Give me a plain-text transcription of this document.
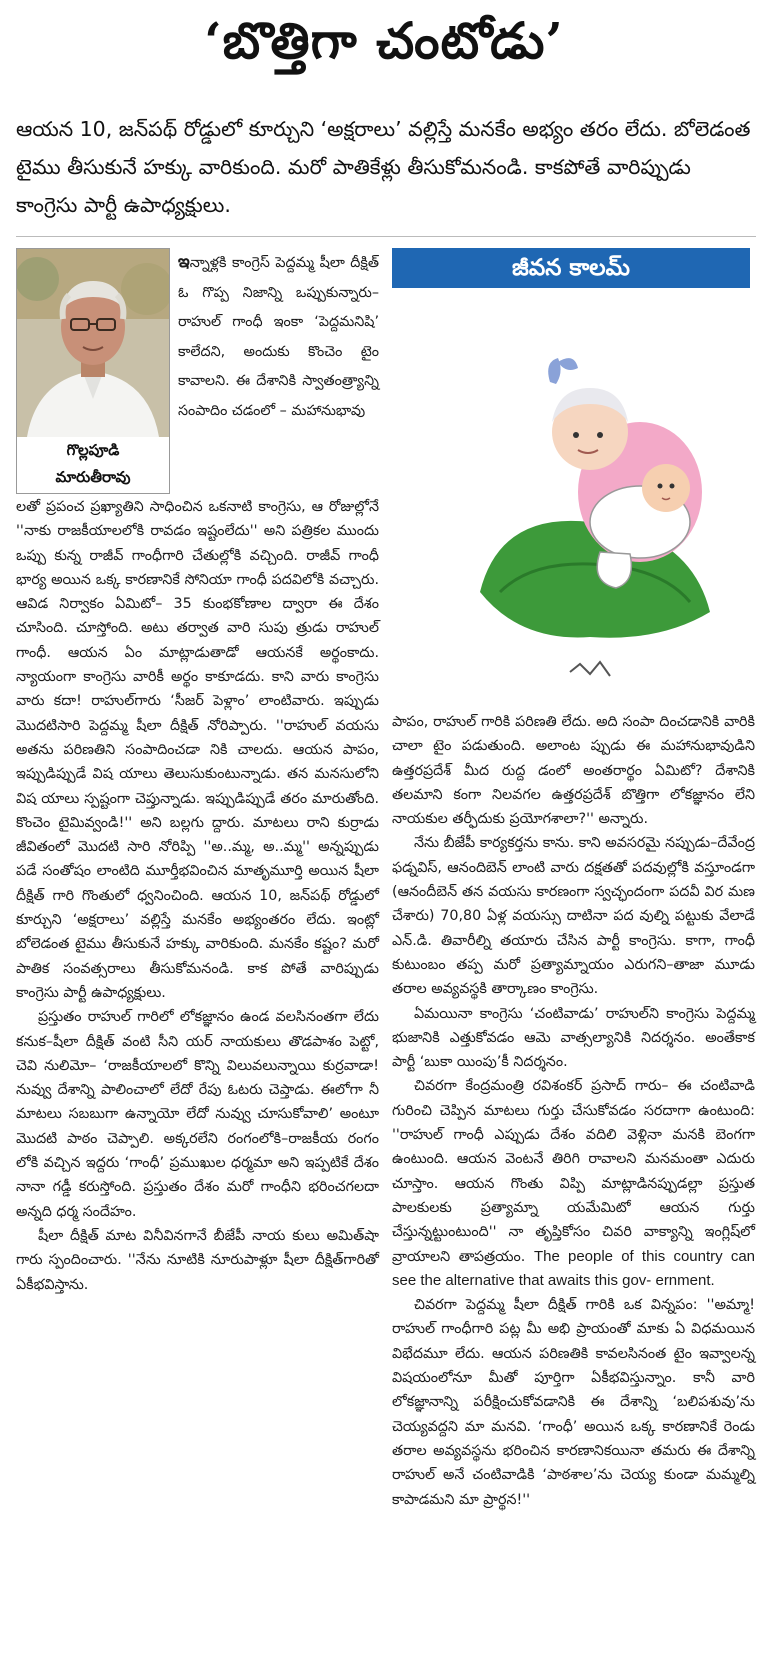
‘బొత్తిగా చంటోడు’
ఆయన 10, జన్‌పథ్ రోడ్డులో కూర్చుని ‘అక్షరాలు’ వల్లిస్తే మనకేం అభ్యం తరం లేదు. బోలెడంత టైము తీసుకునే హక్కు వారికుంది. మరో పాతికేళ్లు తీసుకోమనండి. కాకపోతే వారిప్పుడు కాంగ్రెసు పార్టీ ఉపాధ్యక్షులు.
గొల్లపూడి
మారుతీరావు
ఇన్నాళ్లకి కాంగ్రెస్ పెద్దమ్మ షీలా దీక్షిత్ ఓ గొప్ప నిజాన్ని ఒప్పుకున్నారు– రాహుల్ గాంధీ ఇంకా ‘పెద్దమనిషి’ కాలేదని, అందుకు కొంచెం టైం కావాలని. ఈ దేశానికి స్వాతంత్ర్యాన్ని సంపాదిం చడంలో – మహానుభావు

లతో ప్రపంచ ప్రఖ్యాతిని సాధించిన ఒకనాటి కాంగ్రెసు, ఆ రోజుల్లోనే ''నాకు రాజకీయాలలోకి రావడం ఇష్టంలేదు'' అని పత్రికల ముందు ఒప్పు కున్న రాజీవ్ గాంధీగారి చేతుల్లోకి వచ్చింది. రాజీవ్ గాంధీ భార్య అయిన ఒక్క కారణానికే సోనియా గాంధీ పదవిలోకి వచ్చారు. ఆవిడ నిర్వాకం ఏమిటో– 35 కుంభకోణాల ద్వారా ఈ దేశం చూసింది. చూస్తోంది. అటు తర్వాత వారి సుపు త్రుడు రాహుల్ గాంధీ. ఆయన ఏం మాట్లాడుతాడో ఆయనకే అర్థంకాదు. న్యాయంగా కాంగ్రెసు వారికీ అర్థం కాకూడదు. కాని వారు కాంగ్రెసు వారు కదా! రాహుల్‌గారు ‘సీజర్ పెళ్లాం’ లాంటివారు. ఇప్పుడు మొదటిసారి పెద్దమ్మ షీలా దీక్షిత్ నోరిప్పారు. ''రాహుల్ వయసు అతను పరిణతిని సంపాదించడా నికి చాలదు. ఆయన పాపం, ఇప్పుడిప్పుడే విష యాలు తెలుసుకుంటున్నాడు. తన మనసులోని విష యాలు స్పష్టంగా చెప్తున్నాడు. ఇప్పుడిప్పుడే తరం మారుతోంది. కొంచెం టైమివ్వండి!'' అని బల్లగు ద్దారు. మాటలు రాని కుర్రాడు జీవితంలో మొదటి సారి నోరిప్పి ''అ..మ్మ, అ..మ్మ'' అన్నప్పుడు పడే సంతోషం లాంటిది మూర్తీభవించిన మాతృమూర్తి అయిన షీలా దీక్షిత్ గారి గొంతులో ధ్వనించింది. ఆయన 10, జన్‌పథ్ రోడ్డులో కూర్చుని ‘అక్షరాలు’ వల్లిస్తే మనకేం అభ్యంతరం లేదు. ఇంట్లో బోలెడంత టైము తీసుకునే హక్కు వారికుంది. మనకేం కష్టం? మరో పాతిక సంవత్సరాలు తీసుకోమనండి. కాక పోతే వారిప్పుడు కాంగ్రెసు పార్టీ ఉపాధ్యక్షులు.

ప్రస్తుతం రాహుల్ గారిలో లోకజ్ఞానం ఉండ వలసినంతగా లేదు కనుక–షీలా దీక్షిత్ వంటి సీని యర్ నాయకులు తొడపాశం పెట్టో, చెవి నులిమో– ‘రాజకీయాలలో కొన్ని విలువలున్నాయి కుర్రవాడా! నువ్వు దేశాన్ని పాలించాలో లేదో రేపు ఓటరు చెప్తాడు. ఈలోగా నీ మాటలు సబబుగా ఉన్నాయో లేదో నువ్వు చూసుకోవాలి’ అంటూ మొదటి పాఠం చెప్పాలి. అక్కరలేని రంగంలోకి–రాజకీయ రంగం లోకి వచ్చిన ఇద్దరు ‘గాంధీ’ ప్రముఖుల ధర్మమా అని ఇప్పటికే దేశం నానా గడ్డీ కరుస్తోంది. ప్రస్తుతం దేశం మరో గాంధీని భరించగలదా అన్నది ధర్మ సందేహం.

షీలా దీక్షిత్ మాట వినీవినగానే బీజేపీ నాయ కులు అమిత్‌షా గారు స్పందించారు. ''నేను నూటికి నూరుపాళ్లూ షీలా దీక్షిత్‌గారితో ఏకీభవిస్తాను.

జీవన కాలమ్

పాపం, రాహుల్ గారికి పరిణతి లేదు. అది సంపా దించడానికి వారికి చాలా టైం పడుతుంది. అలాంట ప్పుడు ఈ మహానుభావుడిని ఉత్తరప్రదేశ్ మీద రుద్ద డంలో అంతరార్థం ఏమిటో? దేశానికి తలమాని కంగా నిలవగల ఉత్తరప్రదేశ్ బొత్తిగా లోకజ్ఞానం లేని నాయకుల తర్ఫీదుకు ప్రయోగశాలా?'' అన్నారు.

నేను బీజేపీ కార్యకర్తను కాను. కాని అవసరమై నప్పుడు–దేవేంద్ర ఫడ్నవిస్, ఆనందిబెన్ లాంటి వారు దక్షతతో పదవుల్లోకి వస్తూండగా (ఆనందీబెన్ తన వయసు కారణంగా స్వచ్ఛందంగా పదవీ విర మణ చేశారు) 70,80 ఏళ్ల వయస్సు దాటినా పద వుల్ని పట్టుకు వేలాడే ఎన్.డి. తివారీల్ని తయారు చేసిన పార్టీ కాంగ్రెసు. కాగా, గాంధీ కుటుంబం తప్ప మరో ప్రత్యామ్నాయం ఎరుగని–తాజా మూడు తరాల అవ్యవస్థకి తార్కాణం కాంగ్రెసు.

ఏమయినా కాంగ్రెసు ‘చంటివాడు’ రాహుల్‌ని కాంగ్రెసు పెద్దమ్మ భుజానికి ఎత్తుకోవడం ఆమె వాత్సల్యానికి నిదర్శనం. అంతేకాక పార్టీ ‘బుకా యింపు’కీ నిదర్శనం.

చివరగా కేంద్రమంత్రి రవిశంకర్ ప్రసాద్ గారు– ఈ చంటివాడి గురించి చెప్పిన మాటలు గుర్తు చేసుకోవడం సరదాగా ఉంటుంది: ''రాహుల్ గాంధీ ఎప్పుడు దేశం వదిలి వెళ్లినా మనకి బెంగగా ఉంటుంది. ఆయన వెంటనే తిరిగి రావాలని మనమంతా ఎదురు చూస్తాం. ఆయన గొంతు విప్పి మాట్లాడినప్పుడల్లా ప్రస్తుత పాలకులకు ప్రత్యామ్నా యమేమిటో ఆయన గుర్తు చేస్తున్నట్టుంటుంది'' నా తృప్తికోసం చివరి వాక్యాన్ని ఇంగ్లిష్‌లో వ్రాయాలని తాపత్రయం. The people of this country can see the alternative that awaits this gov- ernment.

చివరగా పెద్దమ్మ షీలా దీక్షిత్ గారికి ఒక విన్నపం: ''అమ్మా! రాహుల్ గాంధీగారి పట్ల మీ అభి ప్రాయంతో మాకు ఏ విధమయిన విభేదమూ లేదు. ఆయన పరిణతికి కావలసినంత టైం ఇవ్వాలన్న విషయంలోనూ మీతో పూర్తిగా ఏకీభవిస్తున్నాం. కానీ వారి లోకజ్ఞానాన్ని పరీక్షించుకోవడానికి ఈ దేశాన్ని ‘బలిపశువు’ను చెయ్యవద్దని మా మనవి. ‘గాంధీ’ అయిన ఒక్క కారణానికే రెండు తరాల అవ్యవస్థను భరించిన కారణానికయినా తమరు ఈ దేశాన్ని రాహుల్ అనే చంటివాడికి ‘పాఠశాల’ను చెయ్య కుండా మమ్మల్ని కాపాడమని మా ప్రార్థన!''
